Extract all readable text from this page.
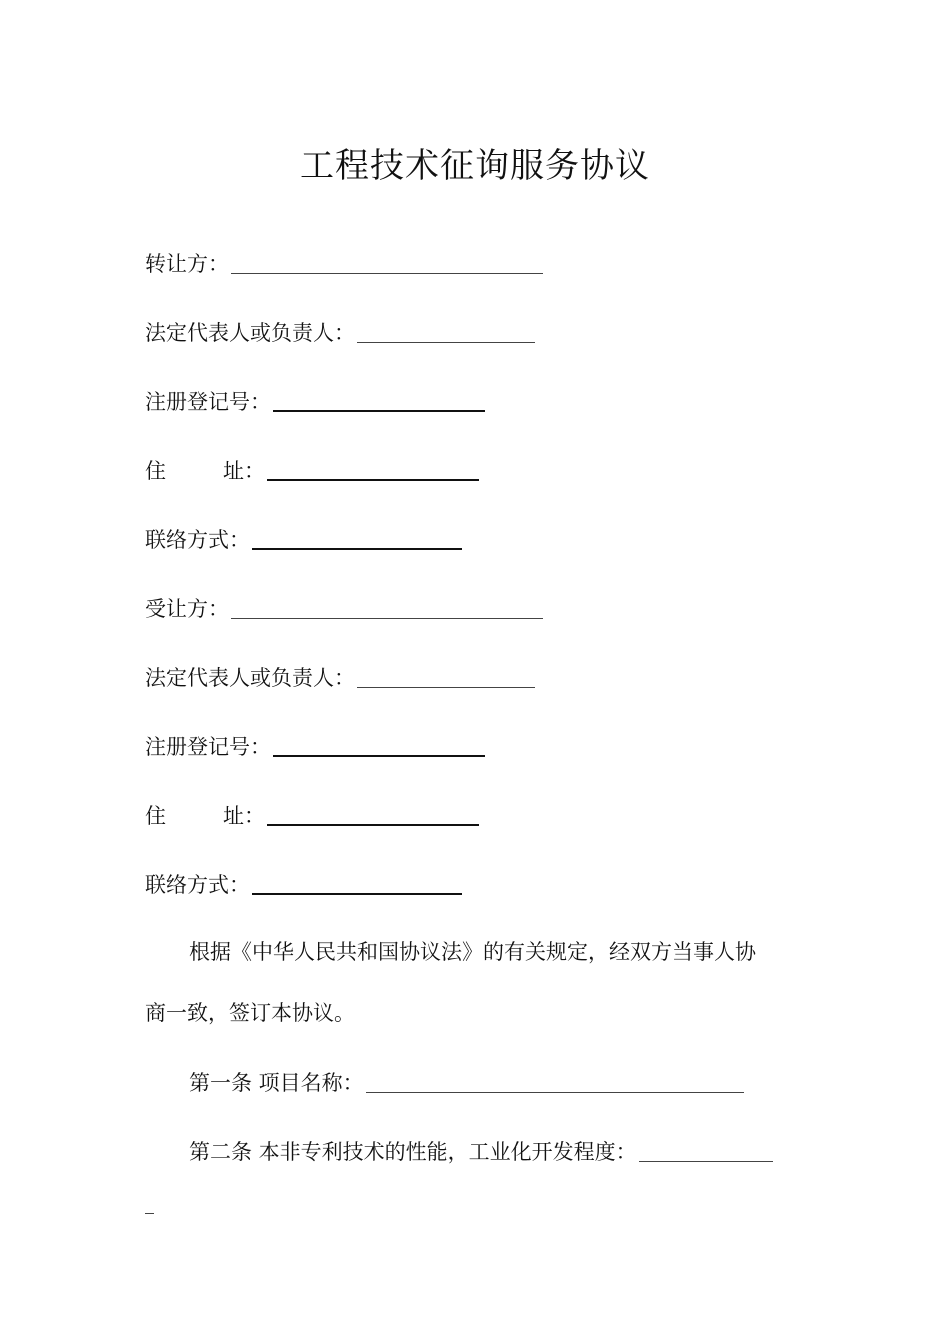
工程技术征询服务协议
转让方：
法定代表人或负责人：
注册登记号：
住	址：
联络方式：
受让方：
法定代表人或负责人：
注册登记号：
住	址：
联络方式：
根据《中华人民共和国协议法》的有关规定，经双方当事人协
商一致，签订本协议。
第一条 项目名称：
第二条 本非专利技术的性能，工业化开发程度：
